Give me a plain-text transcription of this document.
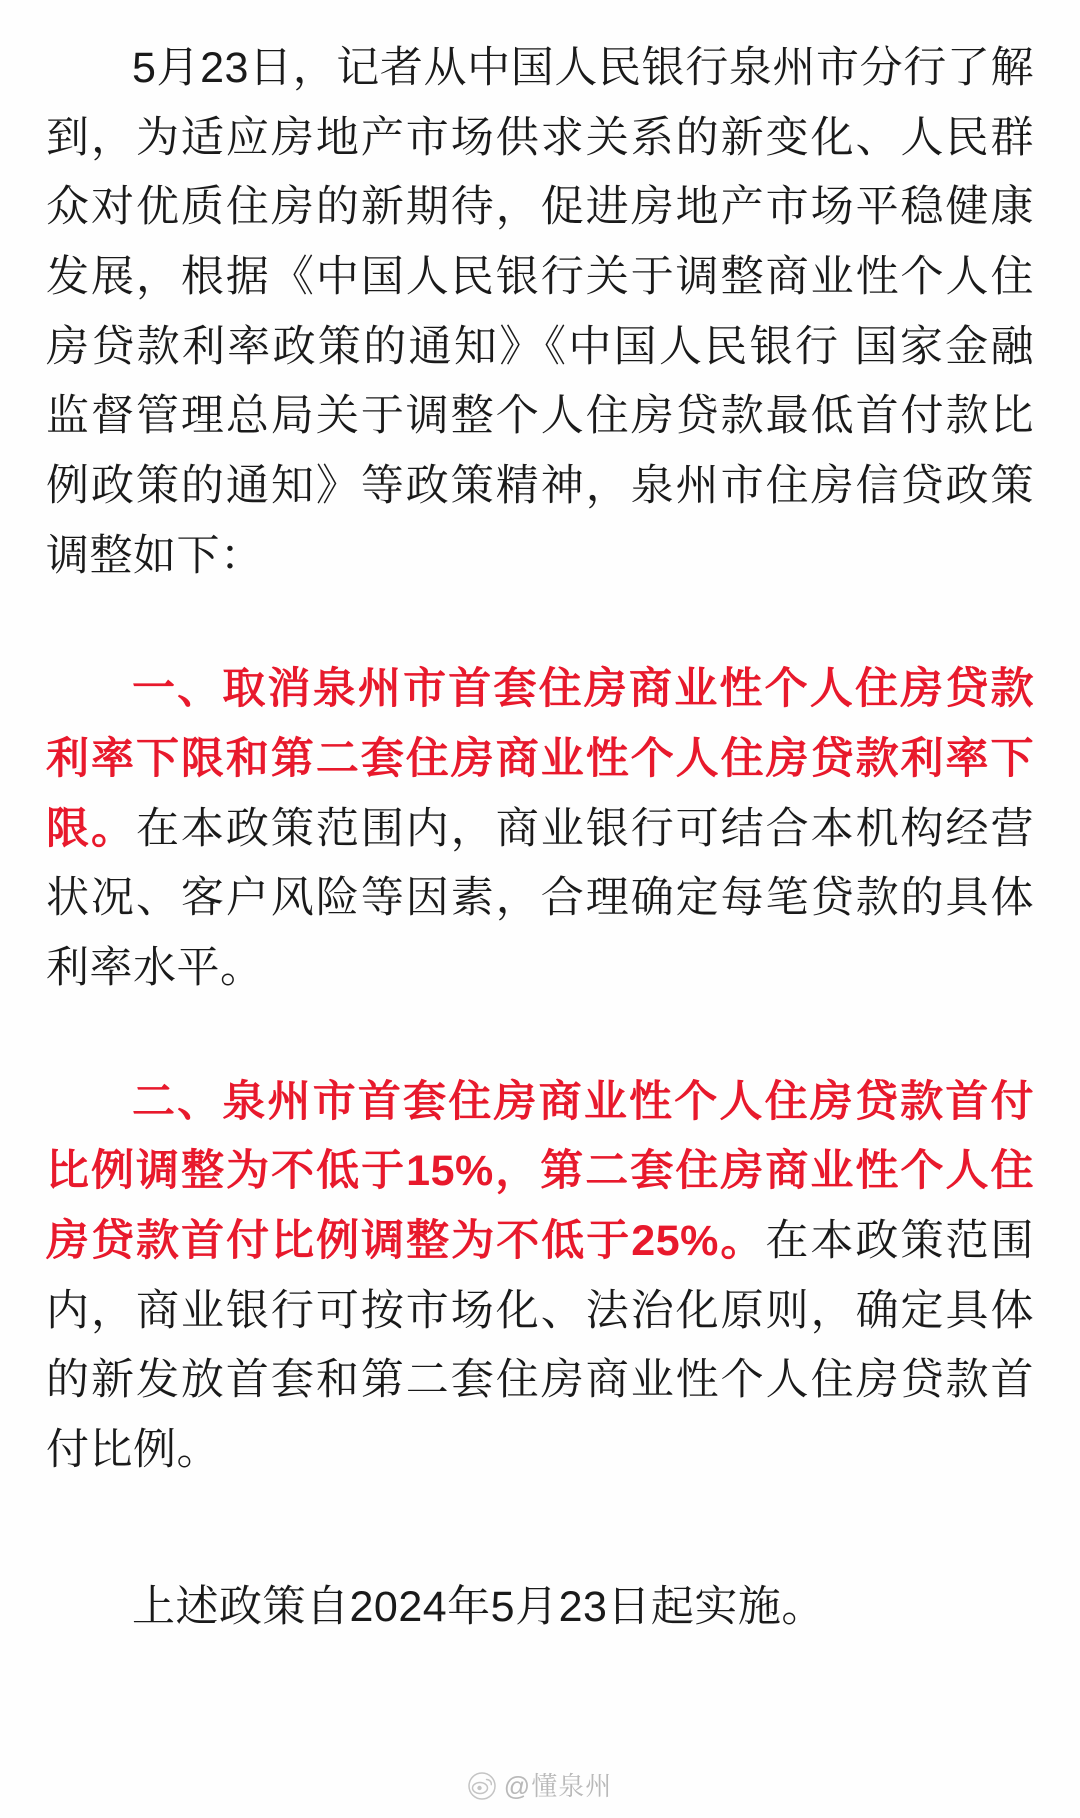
5月23日，记者从中国人民银行泉州市分行了解到，为适应房地产市场供求关系的新变化、人民群众对优质住房的新期待，促进房地产市场平稳健康发展，根据《中国人民银行关于调整商业性个人住房贷款利率政策的通知》《中国人民银行 国家金融监督管理总局关于调整个人住房贷款最低首付款比例政策的通知》等政策精神，泉州市住房信贷政策调整如下：

一、取消泉州市首套住房商业性个人住房贷款利率下限和第二套住房商业性个人住房贷款利率下限。在本政策范围内，商业银行可结合本机构经营状况、客户风险等因素，合理确定每笔贷款的具体利率水平。

二、泉州市首套住房商业性个人住房贷款首付比例调整为不低于15%，第二套住房商业性个人住房贷款首付比例调整为不低于25%。在本政策范围内，商业银行可按市场化、法治化原则，确定具体的新发放首套和第二套住房商业性个人住房贷款首付比例。

上述政策自2024年5月23日起实施。

@懂泉州
